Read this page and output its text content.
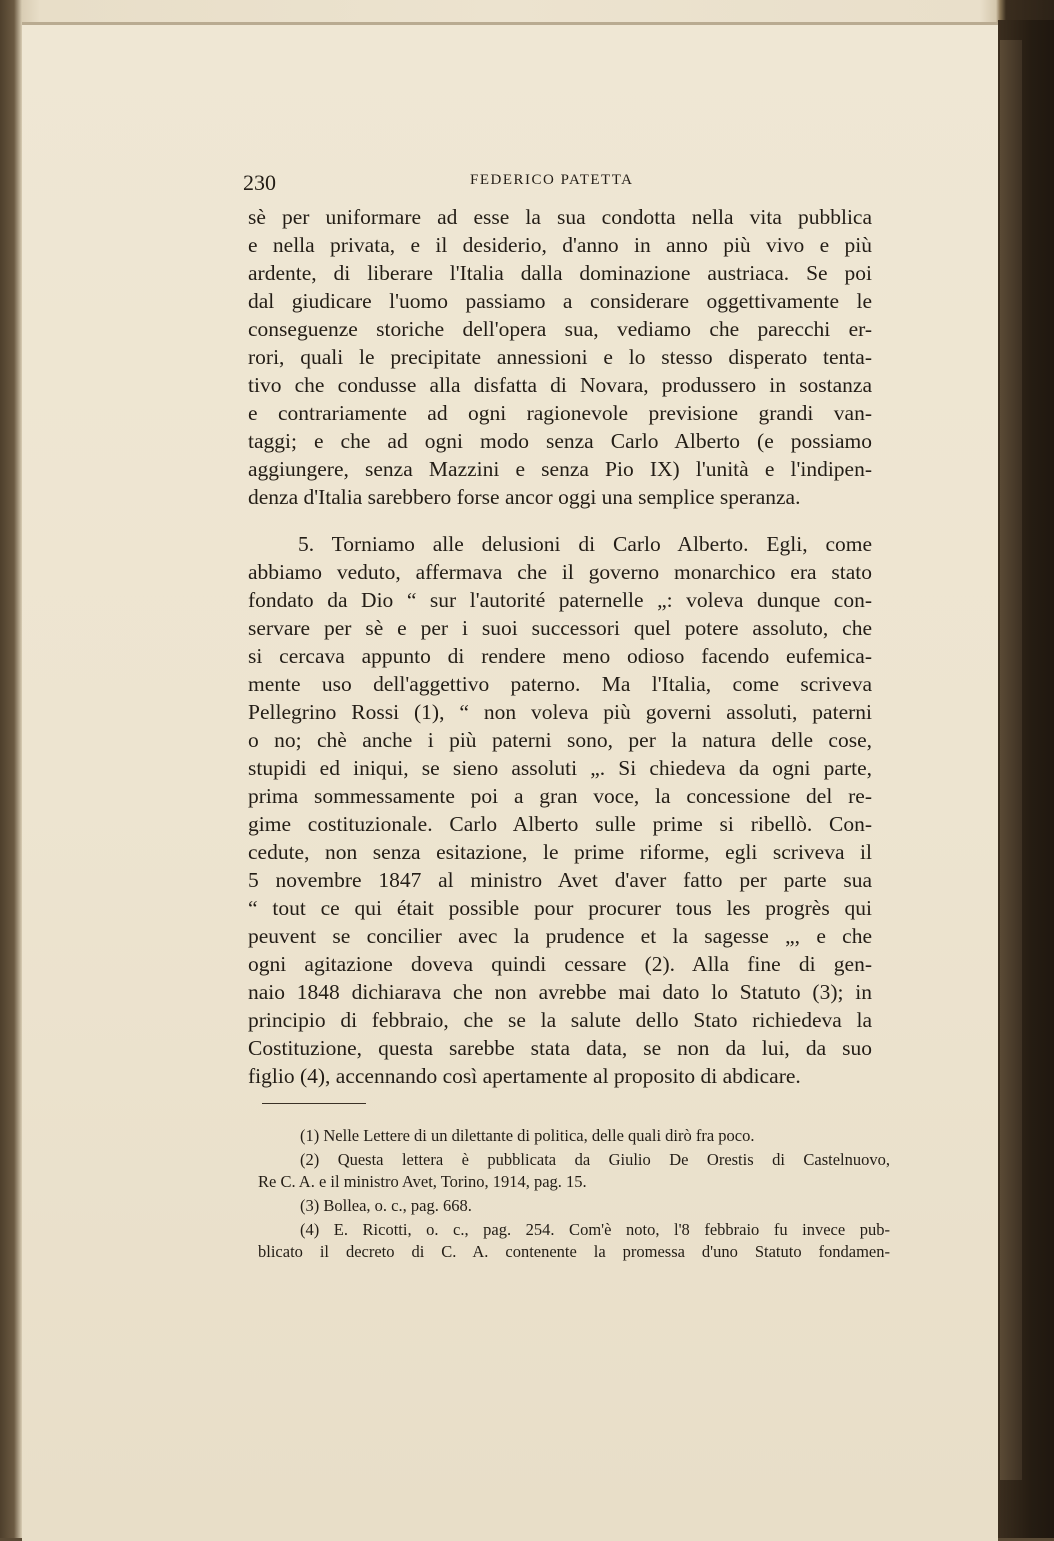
230	FEDERICO PATETTA
sè per uniformare ad esse la sua condotta nella vita pubblica
e nella privata, e il desiderio, d'anno in anno più vivo e più
ardente, di liberare l'Italia dalla dominazione austriaca. Se poi
dal giudicare l'uomo passiamo a considerare oggettivamente le
conseguenze storiche dell'opera sua, vediamo che parecchi er-
rori, quali le precipitate annessioni e lo stesso disperato tenta-
tivo che condusse alla disfatta di Novara, produssero in sostanza
e contrariamente ad ogni ragionevole previsione grandi van-
taggi; e che ad ogni modo senza Carlo Alberto (e possiamo
aggiungere, senza Mazzini e senza Pio IX) l'unità e l'indipen-
denza d'Italia sarebbero forse ancor oggi una semplice speranza.
5. Torniamo alle delusioni di Carlo Alberto. Egli, come
abbiamo veduto, affermava che il governo monarchico era stato
fondato da Dio “ sur l'autorité paternelle „: voleva dunque con-
servare per sè e per i suoi successori quel potere assoluto, che
si cercava appunto di rendere meno odioso facendo eufemica-
mente uso dell'aggettivo paterno. Ma l'Italia, come scriveva
Pellegrino Rossi (1), “ non voleva più governi assoluti, paterni
o no; chè anche i più paterni sono, per la natura delle cose,
stupidi ed iniqui, se sieno assoluti „. Si chiedeva da ogni parte,
prima sommessamente poi a gran voce, la concessione del re-
gime costituzionale. Carlo Alberto sulle prime si ribellò. Con-
cedute, non senza esitazione, le prime riforme, egli scriveva il
5 novembre 1847 al ministro Avet d'aver fatto per parte sua
“ tout ce qui était possible pour procurer tous les progrès qui
peuvent se concilier avec la prudence et la sagesse „, e che
ogni agitazione doveva quindi cessare (2). Alla fine di gen-
naio 1848 dichiarava che non avrebbe mai dato lo Statuto (3); in
principio di febbraio, che se la salute dello Stato richiedeva la
Costituzione, questa sarebbe stata data, se non da lui, da suo
figlio (4), accennando così apertamente al proposito di abdicare.
(1) Nelle Lettere di un dilettante di politica, delle quali dirò fra poco.
(2) Questa lettera è pubblicata da Giulio De Orestis di Castelnuovo,
Re C. A. e il ministro Avet, Torino, 1914, pag. 15.
(3) Bollea, o. c., pag. 668.
(4) E. Ricotti, o. c., pag. 254. Com'è noto, l'8 febbraio fu invece pub-
blicato il decreto di C. A. contenente la promessa d'uno Statuto fondamen-
